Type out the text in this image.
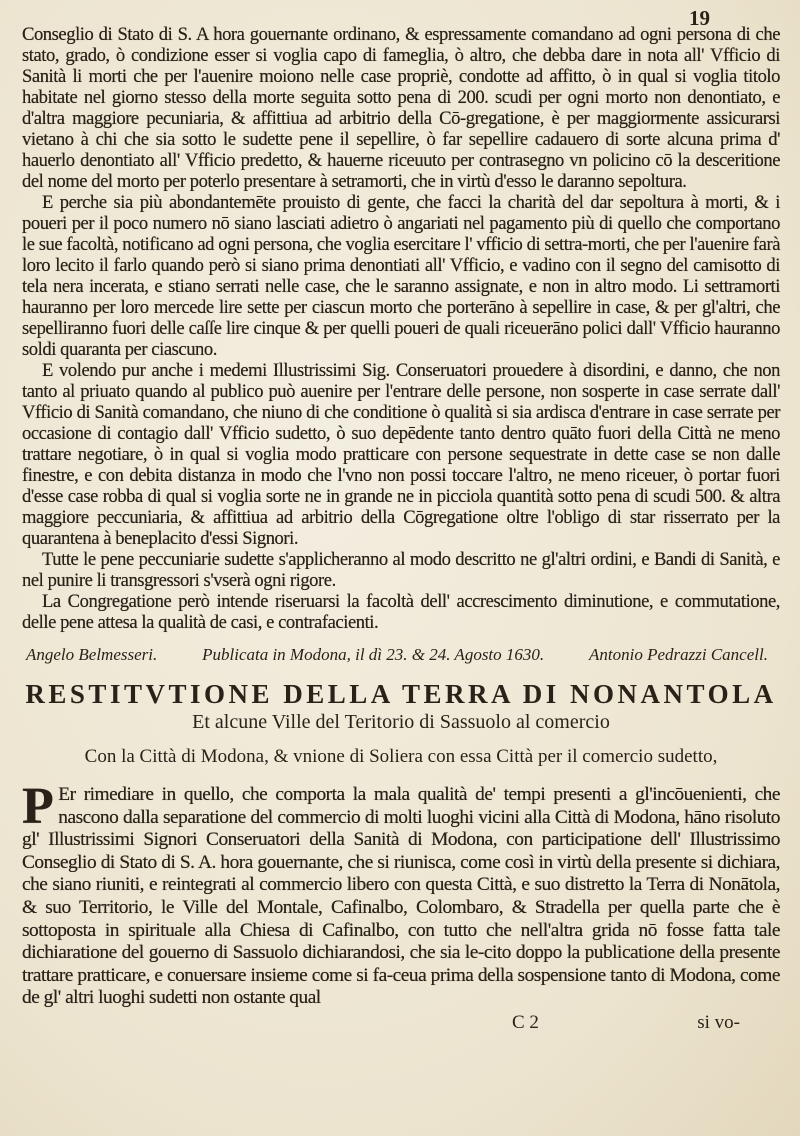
19

Conseglio di Stato di S. A hora gouernante ordinano, & espressamente comandano ad ogni persona di che stato, grado, ò condizione esser si voglia capo di fameglia, ò altro, che debba dare in nota all' Vfficio di Sanità li morti che per l'auenire moiono nelle case propriè, condotte ad affitto, ò in qual si voglia titolo habitate nel giorno stesso della morte seguita sotto pena di 200. scudi per ogni morto non denontiato, e d'altra maggiore pecuniaria, & affittiua ad arbitrio della Cō-gregatione, è per maggiormente assicurarsi vietano à chi che sia sotto le sudette pene il sepellire, ò far sepellire cadauero di sorte alcuna prima d' hauerlo denontiato all' Vfficio predetto, & hauerne riceuuto per contrasegno vn policino cō la desceritione del nome del morto per poterlo presentare à setramorti, che in virtù d'esso le daranno sepoltura.

E perche sia più abondantemēte prouisto di gente, che facci la charità del dar sepoltura à morti, & i poueri per il poco numero nō siano lasciati adietro ò angariati nel pagamento più di quello che comportano le sue facoltà, notificano ad ogni persona, che voglia esercitare l' vfficio di settra-morti, che per l'auenire farà loro lecito il farlo quando però si siano prima denontiati all' Vfficio, e vadino con il segno del camisotto di tela nera incerata, e stiano serrati nelle case, che le saranno assignate, e non in altro modo. Li settramorti hauranno per loro mercede lire sette per ciascun morto che porterāno à sepellire in case, & per gl'altri, che sepelliranno fuori delle caſſe lire cinque & per quelli poueri de quali riceuerāno polici dall' Vfficio hauranno soldi quaranta per ciascuno.

E volendo pur anche i medemi Illustrissimi Sig. Conseruatori prouedere à disordini, e danno, che non tanto al priuato quando al publico può auenire per l'entrare delle persone, non sosperte in case serrate dall' Vfficio di Sanità comandano, che niuno di che conditione ò qualità si sia ardisca d'entrare in case serrate per occasione di contagio dall' Vfficio sudetto, ò suo depēdente tanto dentro quāto fuori della Città ne meno trattare negotiare, ò in qual si voglia modo pratticare con persone sequestrate in dette case se non dalle finestre, e con debita distanza in modo che l'vno non possi toccare l'altro, ne meno riceuer, ò portar fuori d'esse case robba di qual si voglia sorte ne in grande ne in picciola quantità sotto pena di scudi 500. & altra maggiore peccuniaria, & affittiua ad arbitrio della Cōgregatione oltre l'obligo di star risserrato per la quarantena à beneplacito d'essi Signori.

Tutte le pene peccuniarie sudette s'applicheranno al modo descritto ne gl'altri ordini, e Bandi di Sanità, e nel punire li transgressori s'vserà ogni rigore.

La Congregatione però intende riseruarsi la facoltà dell' accrescimento diminutione, e commutatione, delle pene attesa la qualità de casi, e contrafacienti.

Angelo Belmesseri.	Publicata in Modona, il dì 23. & 24. Agosto 1630.	Antonio Pedrazzi Cancell.
RESTITVTIONE DELLA TERRA DI NONANTOLA
Et alcune Ville del Teritorio di Sassuolo al comercio
Con la Città di Modona, & vnione di Soliera con essa Città per il comercio sudetto,

P Er rimediare in quello, che comporta la mala qualità de' tempi presenti a gl'incōuenienti, che nascono dalla separatione del commercio di molti luoghi vicini alla Città di Modona, hāno risoluto gl' Illustrissimi Signori Conseruatori della Sanità di Modona, con participatione dell' Illustrissimo Conseglio di Stato di S. A. hora gouernante, che si riunisca, come così in virtù della presente si dichiara, che siano riuniti, e reintegrati al commercio libero con questa Città, e suo distretto la Terra di Nonātola, & suo Territorio, le Ville del Montale, Cafinalbo, Colombaro, & Stradella per quella parte che è sottoposta in spirituale alla Chiesa di Cafinalbo, con tutto che nell'altra grida nō fosse fatta tale dichiaratione del gouerno di Sassuolo dichiarandosi, che sia le-cito doppo la publicatione della presente trattare pratticare, e conuersare insieme come si fa-ceua prima della sospensione tanto di Modona, come de gl' altri luoghi sudetti non ostante qual

C 2	si vo-
